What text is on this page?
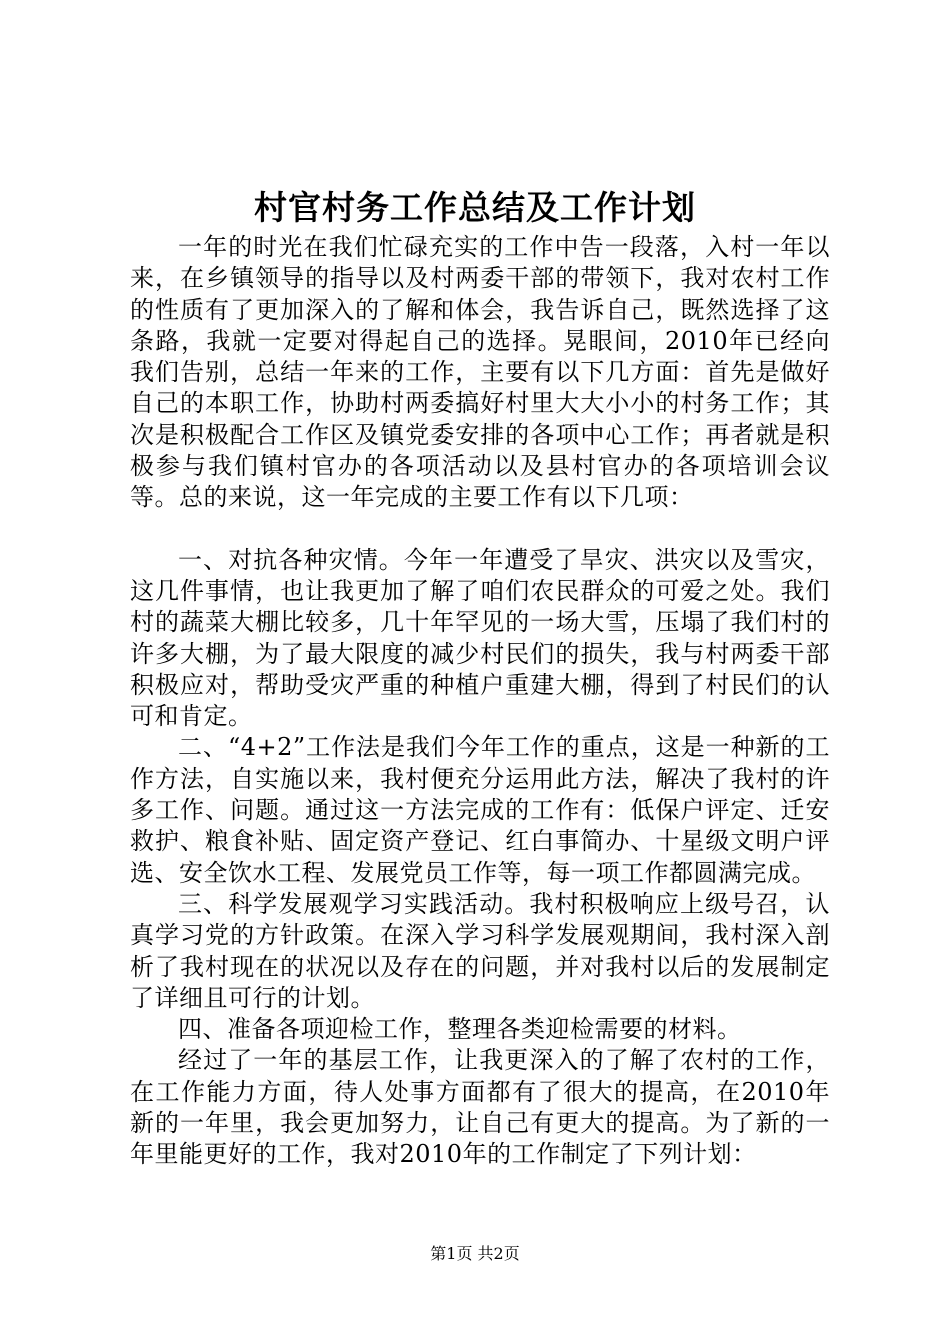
村官村务工作总结及工作计划

一年的时光在我们忙碌充实的工作中告一段落，入村一年以来，在乡镇领导的指导以及村两委干部的带领下，我对农村工作的性质有了更加深入的了解和体会，我告诉自己，既然选择了这条路，我就一定要对得起自己的选择。晃眼间，2010年已经向我们告别，总结一年来的工作，主要有以下几方面：首先是做好自己的本职工作，协助村两委搞好村里大大小小的村务工作；其次是积极配合工作区及镇党委安排的各项中心工作；再者就是积极参与我们镇村官办的各项活动以及县村官办的各项培训会议等。总的来说，这一年完成的主要工作有以下几项：

一、对抗各种灾情。今年一年遭受了旱灾、洪灾以及雪灾，这几件事情，也让我更加了解了咱们农民群众的可爱之处。我们村的蔬菜大棚比较多，几十年罕见的一场大雪，压塌了我们村的许多大棚，为了最大限度的减少村民们的损失，我与村两委干部积极应对，帮助受灾严重的种植户重建大棚，得到了村民们的认可和肯定。

二、“4+2”工作法是我们今年工作的重点，这是一种新的工作方法，自实施以来，我村便充分运用此方法，解决了我村的许多工作、问题。通过这一方法完成的工作有：低保户评定、迁安救护、粮食补贴、固定资产登记、红白事简办、十星级文明户评选、安全饮水工程、发展党员工作等，每一项工作都圆满完成。

三、科学发展观学习实践活动。我村积极响应上级号召，认真学习党的方针政策。在深入学习科学发展观期间，我村深入剖析了我村现在的状况以及存在的问题，并对我村以后的发展制定了详细且可行的计划。

四、准备各项迎检工作，整理各类迎检需要的材料。

经过了一年的基层工作，让我更深入的了解了农村的工作，在工作能力方面，待人处事方面都有了很大的提高，在2010年新的一年里，我会更加努力，让自己有更大的提高。为了新的一年里能更好的工作，我对2010年的工作制定了下列计划：

第1页 共2页
